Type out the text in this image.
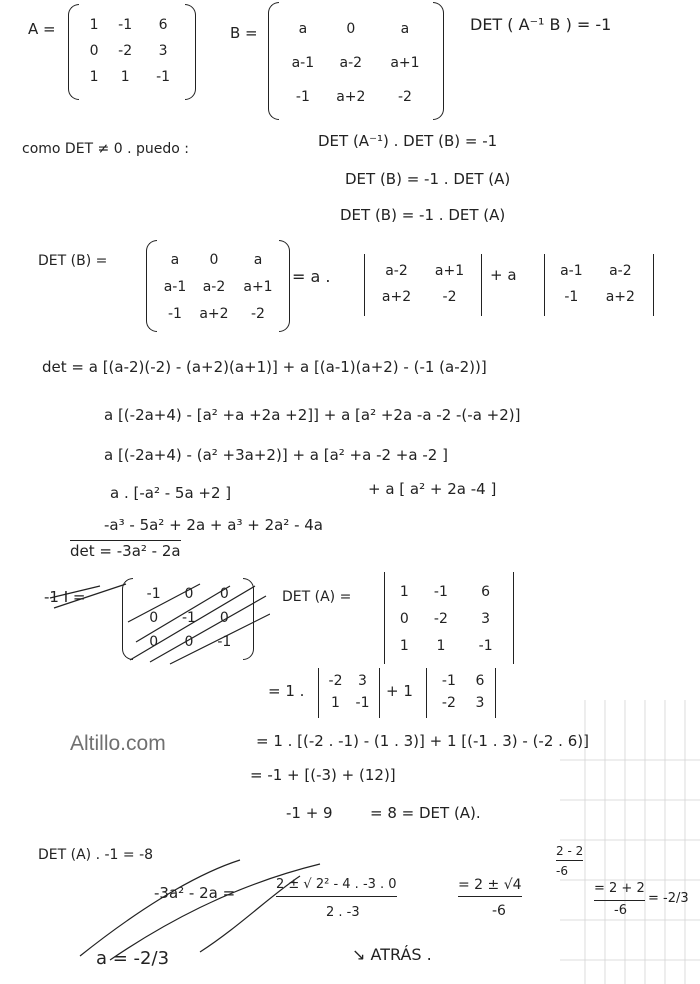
A = 1	-1	6
0	-2	3
1	1	-1
B =	a	0	a
a-1	a-2	a+1
-1	a+2	-2
DET ( A⁻¹ B ) = -1
como DET ≠ 0 . puedo :	DET (A⁻¹) . DET (B) = -1
DET (B) = -1 . DET (A)
DET (B) = -1 . DET (A)
DET (B) =	a	0	a
a-1	a-2	a+1
-1	a+2	-2
= a .	a-2	a+1
a+2	-2
+ a	a-1	a-2
-1	a+2
det = a [(a-2)(-2) - (a+2)(a+1)] + a [(a-1)(a+2) - (-1 (a-2))]
a [(-2a+4) - [a² +a +2a +2]] + a [a² +2a -a -2 -(-a +2)]
a [(-2a+4) - (a² +3a+2)] + a [a² +a -2 +a -2 ]
a . [-a² - 5a +2 ]	+ a [ a² + 2a -4 ]
-a³ - 5a² + 2a + a³ + 2a² - 4a
det = -3a² - 2a
-1 I =	-1	0	0
0	-1	0
0	0	-1
DET (A) =	1	-1	6
0	-2	3
1	1	-1
= 1 .
-2	3
1	-1
+ 1
-1	6
-2	3
Altillo.com	= 1 . [(-2 . -1) - (1 . 3)] + 1 [(-1 . 3) - (-2 . 6)]
= -1 + [(-3) + (12)]
-1 + 9 = 8 = DET (A).
DET (A) . -1 = -8	2 - 2
-6
-3a² - 2a =	2 ± √ 2² - 4 . -3 . 0
2 . -3
= 2 ± √4
-6
= 2 + 2
-6
= -2/3
a = -2/3	↘ ATRÁS .
